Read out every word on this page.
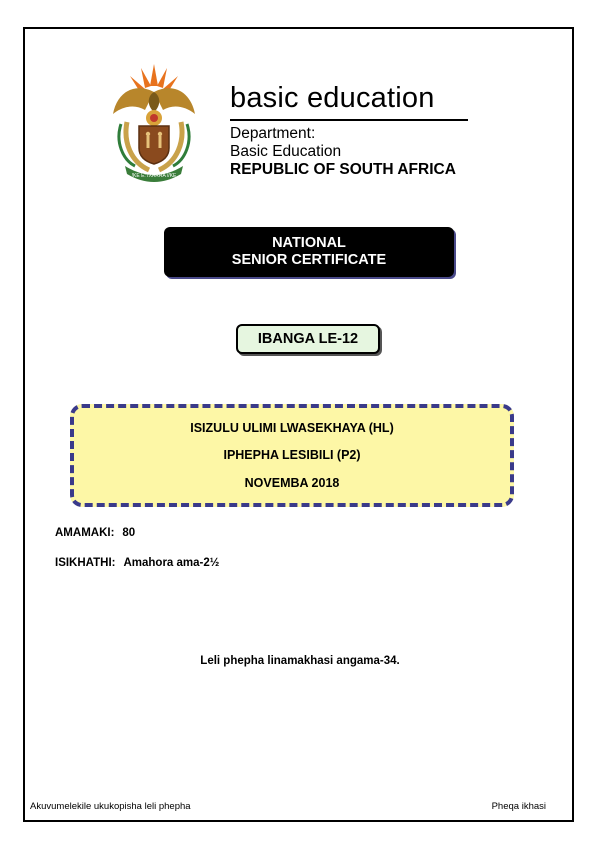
!KE E: /XARRA //KE
basic education
Department:
Basic Education
REPUBLIC OF SOUTH AFRICA
NATIONAL
SENIOR CERTIFICATE
IBANGA LE-12
ISIZULU ULIMI LWASEKHAYA (HL)
IPHEPHA LESIBILI (P2)
NOVEMBA 2018
AMAMAKI: 80
ISIKHATHI: Amahora ama-2½
Leli phepha linamakhasi angama-34.
Akuvumelekile ukukopisha leli phepha	Pheqa ikhasi
